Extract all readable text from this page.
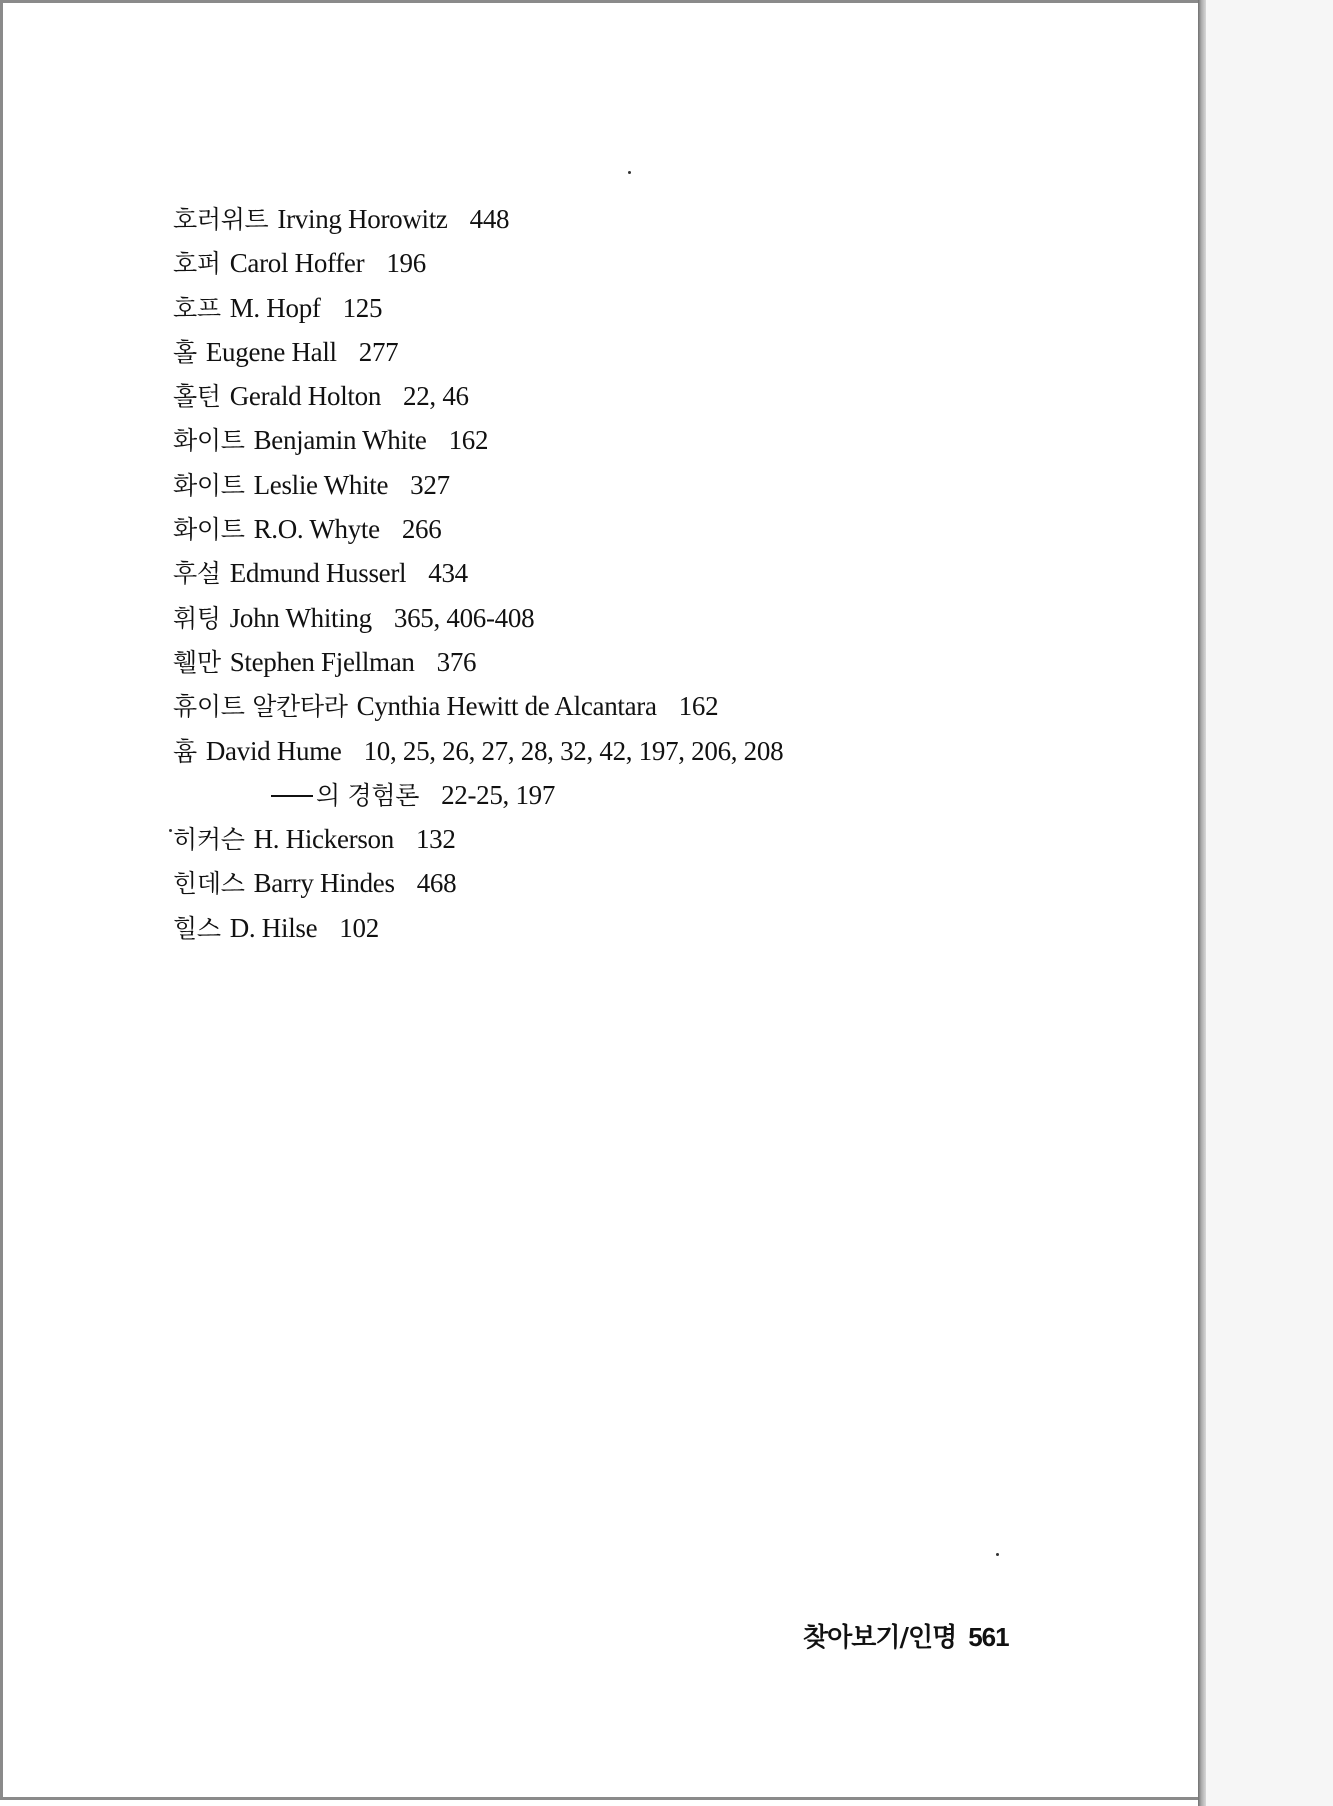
호러위트 Irving Horowitz 448
호퍼 Carol Hoffer 196
호프 M. Hopf 125
홀 Eugene Hall 277
홀턴 Gerald Holton 22, 46
화이트 Benjamin White 162
화이트 Leslie White 327
화이트 R.O. Whyte 266
후설 Edmund Husserl 434
휘팅 John Whiting 365, 406-408
휄만 Stephen Fjellman 376
휴이트 알칸타라 Cynthia Hewitt de Alcantara 162
흄 David Hume 10, 25, 26, 27, 28, 32, 42, 197, 206, 208
의 경험론 22-25, 197
히커슨 H. Hickerson 132
힌데스 Barry Hindes 468
힐스 D. Hilse 102
찾아보기/인명 561
